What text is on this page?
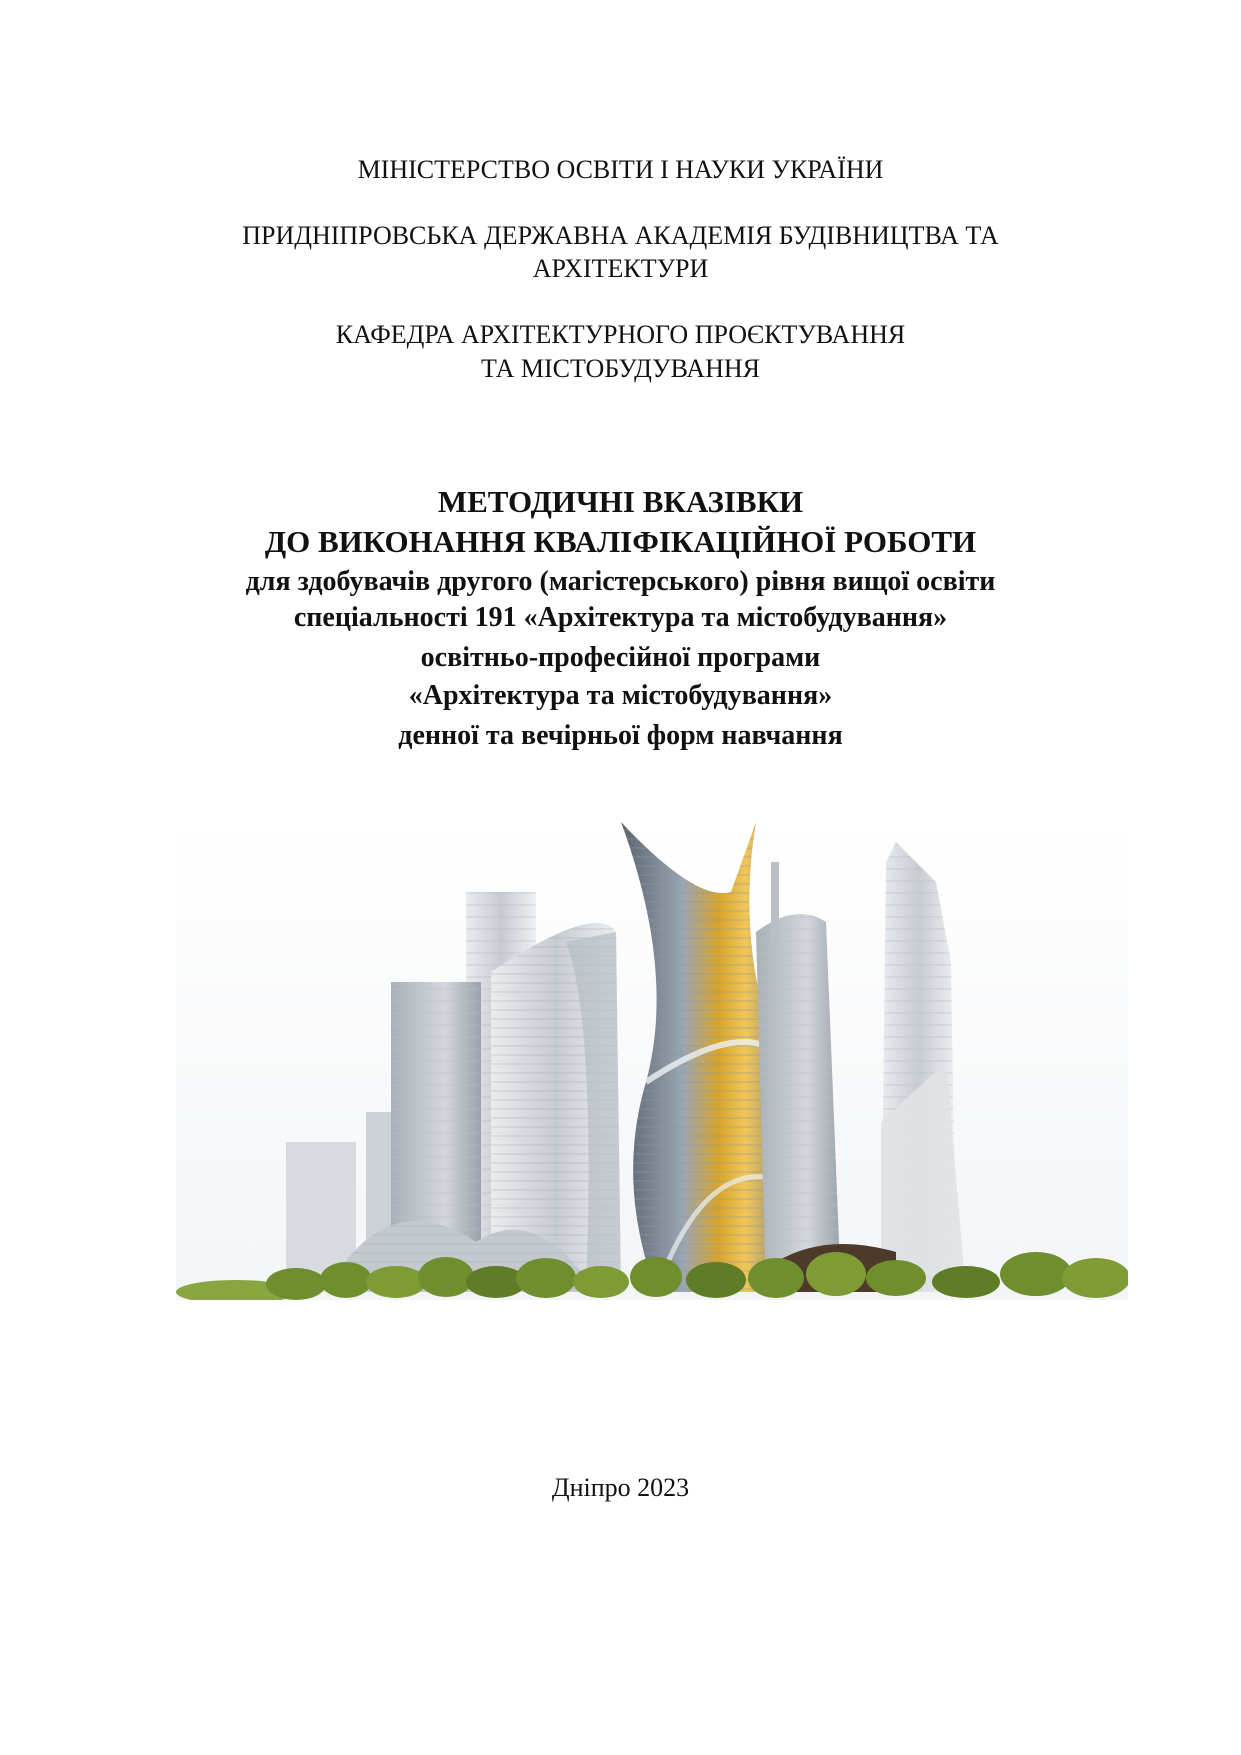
МІНІСТЕРСТВО ОСВІТИ І НАУКИ УКРАЇНИ
ПРИДНІПРОВСЬКА ДЕРЖАВНА АКАДЕМІЯ БУДІВНИЦТВА ТА
АРХІТЕКТУРИ
КАФЕДРА АРХІТЕКТУРНОГО ПРОЄКТУВАННЯ
ТА МІСТОБУДУВАННЯ
МЕТОДИЧНІ ВКАЗІВКИ
ДО ВИКОНАННЯ КВАЛІФІКАЦІЙНОЇ РОБОТИ
для здобувачів другого (магістерського) рівня вищої освіти
спеціальності 191 «Архітектура та містобудування»
освітньо-професійної програми
«Архітектура та містобудування»
денної та вечірньої форм навчання
Дніпро 2023
